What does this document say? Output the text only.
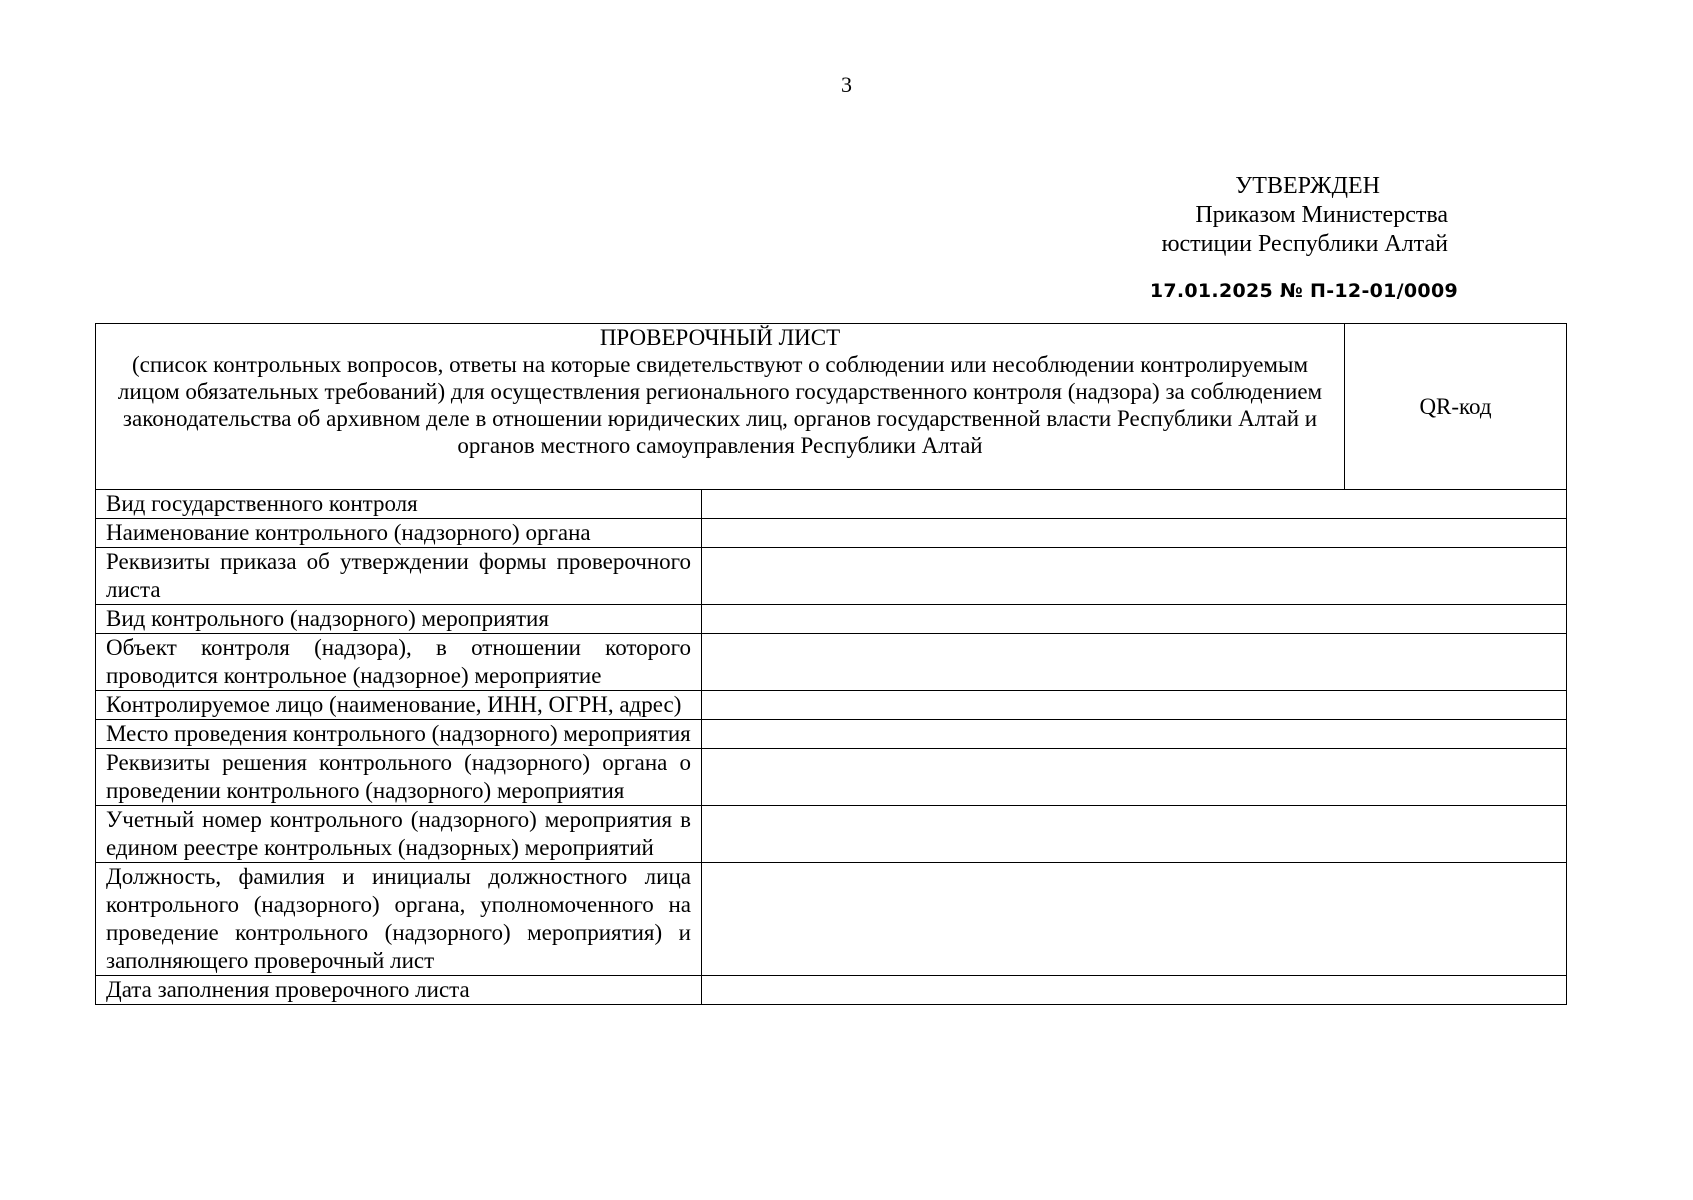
3
УТВЕРЖДЕН
Приказом Министерства
юстиции Республики Алтай
17.01.2025 № П-12-01/0009
ПРОВЕРОЧНЫЙ ЛИСТ
(список контрольных вопросов, ответы на которые свидетельствуют о соблюдении или несоблюдении контролируемым лицом обязательных требований) для осуществления регионального государственного контроля (надзора) за соблюдением законодательства об архивном деле в отношении юридических лиц, органов государственной власти Республики Алтай и органов местного самоуправления Республики Алтай		QR-код
Вид государственного контроля		
Наименование контрольного (надзорного) органа		
Реквизиты приказа об утверждении формы проверочного листа		
Вид контрольного (надзорного) мероприятия		
Объект контроля (надзора), в отношении которого проводится контрольное (надзорное) мероприятие		
Контролируемое лицо (наименование, ИНН, ОГРН, адрес)		
Место проведения контрольного (надзорного) мероприятия		
Реквизиты решения контрольного (надзорного) органа о проведении контрольного (надзорного) мероприятия		
Учетный номер контрольного (надзорного) мероприятия в едином реестре контрольных (надзорных) мероприятий		
Должность, фамилия и инициалы должностного лица контрольного (надзорного) органа, уполномоченного на проведение контрольного (надзорного) мероприятия) и заполняющего проверочный лист		
Дата заполнения проверочного листа		
